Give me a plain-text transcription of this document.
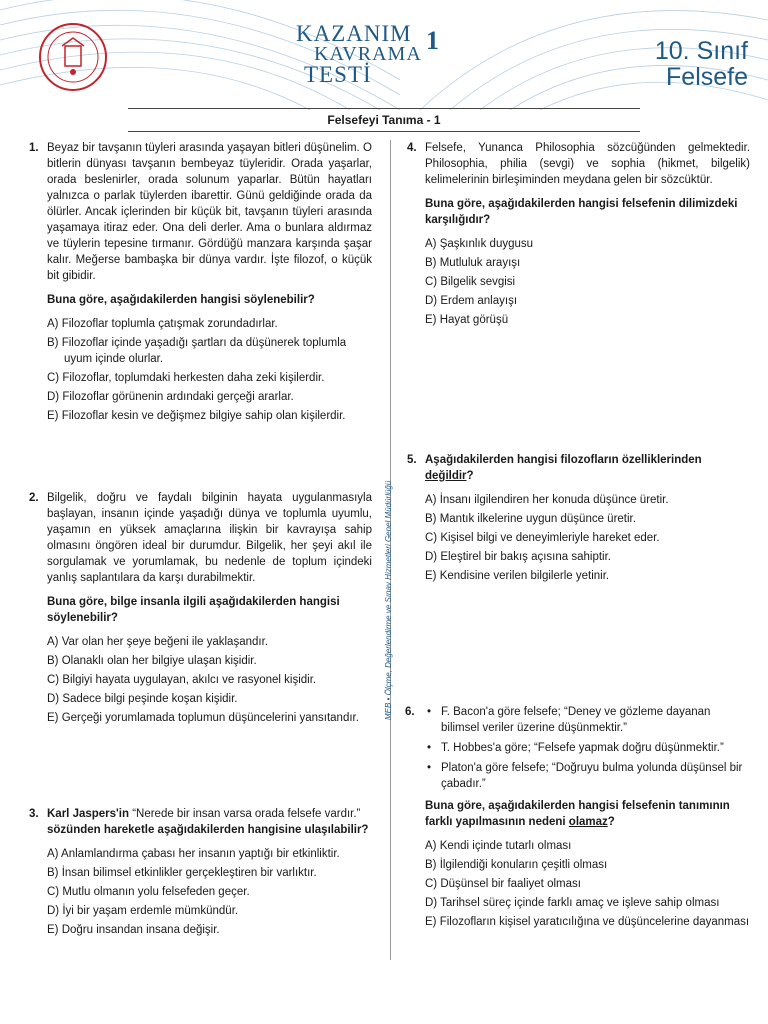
KAZANIM
KAVRAMA
TESTİ
1	10. Sınıf
Felsefe
Felsefeyi Tanıma - 1
MEB • Ölçme, Değerlendirme ve Sınav Hizmetleri Genel Müdürlüğü
1. Beyaz bir tavşanın tüyleri arasında yaşayan bitleri düşünelim. O bitlerin dünyası tavşanın bembeyaz tüyleridir. Orada yaşarlar, orada beslenirler, orada solunum yaparlar. Bütün hayatları yalnızca o parlak tüylerden ibarettir. Günü geldiğinde orada da ölürler. Ancak içlerinden bir küçük bit, tavşanın tüyleri arasında yaşamaya itiraz eder. Ona deli derler. Ama o bunlara aldırmaz ve tüylerin tepesine tırmanır. Gördüğü manzara karşında şaşar kalır. Meğerse bambaşka bir dünya vardır. İşte filozof, o küçük bit gibidir.

Buna göre, aşağıdakilerden hangisi söylenebilir?

A) Filozoflar toplumla çatışmak zorundadırlar.
B) Filozoflar içinde yaşadığı şartları da düşünerek toplumla uyum içinde olurlar.
C) Filozoflar, toplumdaki herkesten daha zeki kişilerdir.
D) Filozoflar görünenin ardındaki gerçeği ararlar.
E) Filozoflar kesin ve değişmez bilgiye sahip olan kişilerdir.
2. Bilgelik, doğru ve faydalı bilginin hayata uygulanmasıyla başlayan, insanın içinde yaşadığı dünya ve toplumla uyumlu, yaşamın en yüksek amaçlarına ilişkin bir kavrayışa sahip olmasını öngören ideal bir durumdur. Bilgelik, her şeyi akıl ile sorgulamak ve yorumlamak, bu nedenle de toplum içindeki yanlış saplantılara da karşı durabilmektir.

Buna göre, bilge insanla ilgili aşağıdakilerden hangisi söylenebilir?

A) Var olan her şeye beğeni ile yaklaşandır.
B) Olanaklı olan her bilgiye ulaşan kişidir.
C) Bilgiyi hayata uygulayan, akılcı ve rasyonel kişidir.
D) Sadece bilgi peşinde koşan kişidir.
E) Gerçeği yorumlamada toplumun düşüncelerini yansıtandır.
3. Karl Jaspers'in “Nerede bir insan varsa orada felsefe vardır.” sözünden hareketle aşağıdakilerden hangisine ulaşılabilir?

A) Anlamlandırma çabası her insanın yaptığı bir etkinliktir.
B) İnsan bilimsel etkinlikler gerçekleştiren bir varlıktır.
C) Mutlu olmanın yolu felsefeden geçer.
D) İyi bir yaşam erdemle mümkündür.
E) Doğru insandan insana değişir.
4. Felsefe, Yunanca Philosophia sözcüğünden gelmektedir. Philosophia, philia (sevgi) ve sophia (hikmet, bilgelik) kelimelerinin birleşiminden meydana gelen bir sözcüktür.

Buna göre, aşağıdakilerden hangisi felsefenin dilimizdeki karşılığıdır?

A) Şaşkınlık duygusu
B) Mutluluk arayışı
C) Bilgelik sevgisi
D) Erdem anlayışı
E) Hayat görüşü
5. Aşağıdakilerden hangisi filozofların özelliklerinden değildir?

A) İnsanı ilgilendiren her konuda düşünce üretir.
B) Mantık ilkelerine uygun düşünce üretir.
C) Kişisel bilgi ve deneyimleriyle hareket eder.
D) Eleştirel bir bakış açısına sahiptir.
E) Kendisine verilen bilgilerle yetinir.
6.
•	F. Bacon'a göre felsefe; “Deney ve gözleme dayanan bilimsel veriler üzerine düşünmektir.”
• T. Hobbes'a göre; “Felsefe yapmak doğru düşünmektir.”
• Platon'a göre felsefe; “Doğruyu bulma yolunda düşünsel bir çabadır.”

Buna göre, aşağıdakilerden hangisi felsefenin tanımının farklı yapılmasının nedeni olamaz?

A) Kendi içinde tutarlı olması
B) İlgilendiği konuların çeşitli olması
C) Düşünsel bir faaliyet olması
D) Tarihsel süreç içinde farklı amaç ve işleve sahip olması
E) Filozofların kişisel yaratıcılığına ve düşüncelerine dayanması
